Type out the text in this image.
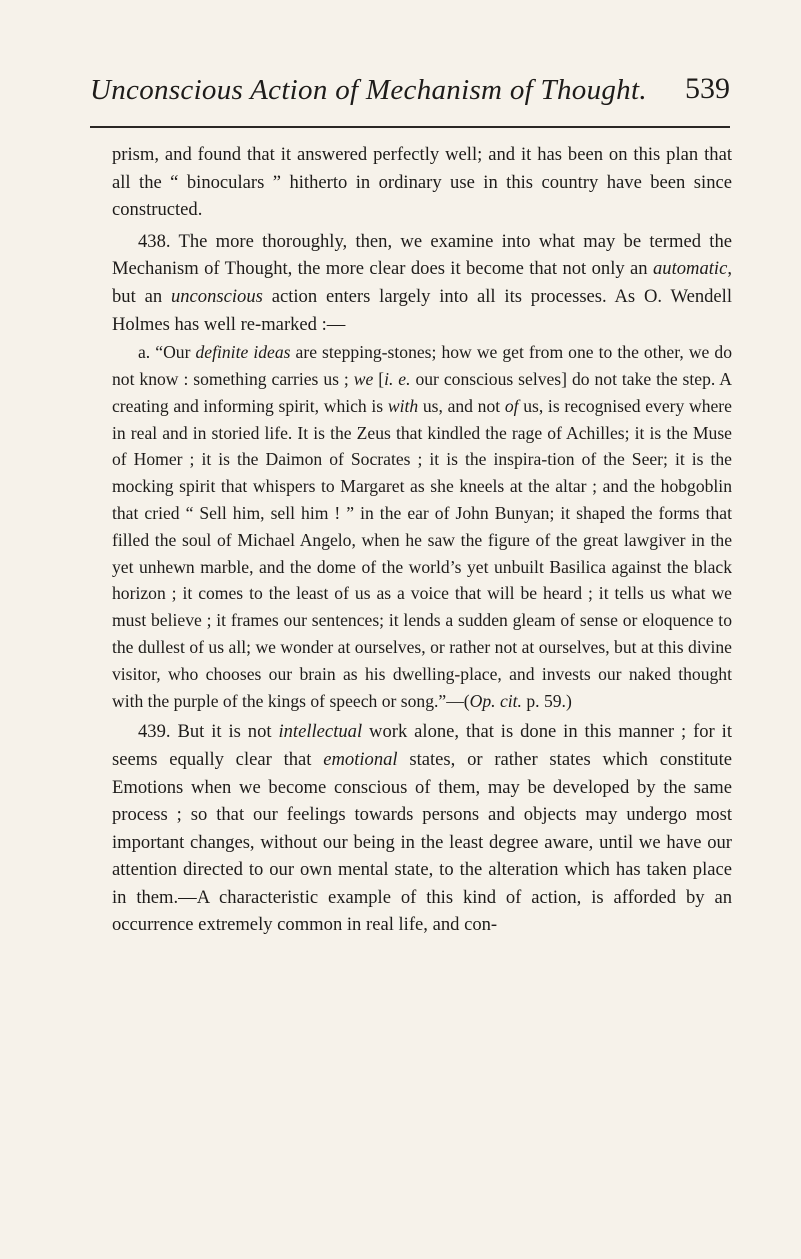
Unconscious Action of Mechanism of Thought. 539

prism, and found that it answered perfectly well; and it has been on this plan that all the “ binoculars ” hitherto in ordinary use in this country have been since constructed.

438. The more thoroughly, then, we examine into what may be termed the Mechanism of Thought, the more clear does it become that not only an automatic, but an unconscious action enters largely into all its processes. As O. Wendell Holmes has well re-marked :—

a. “Our definite ideas are stepping-stones; how we get from one to the other, we do not know : something carries us ; we [i. e. our conscious selves] do not take the step. A creating and informing spirit, which is with us, and not of us, is recognised every where in real and in storied life. It is the Zeus that kindled the rage of Achilles; it is the Muse of Homer ; it is the Daimon of Socrates ; it is the inspira-tion of the Seer; it is the mocking spirit that whispers to Margaret as she kneels at the altar ; and the hobgoblin that cried “ Sell him, sell him ! ” in the ear of John Bunyan; it shaped the forms that filled the soul of Michael Angelo, when he saw the figure of the great lawgiver in the yet unhewn marble, and the dome of the world’s yet unbuilt Basilica against the black horizon ; it comes to the least of us as a voice that will be heard ; it tells us what we must believe ; it frames our sentences; it lends a sudden gleam of sense or eloquence to the dullest of us all; we wonder at ourselves, or rather not at ourselves, but at this divine visitor, who chooses our brain as his dwelling-place, and invests our naked thought with the purple of the kings of speech or song.”—(Op. cit. p. 59.)

439. But it is not intellectual work alone, that is done in this manner ; for it seems equally clear that emotional states, or rather states which constitute Emotions when we become conscious of them, may be developed by the same process ; so that our feelings towards persons and objects may undergo most important changes, without our being in the least degree aware, until we have our attention directed to our own mental state, to the alteration which has taken place in them.—A characteristic example of this kind of action, is afforded by an occurrence extremely common in real life, and con-
